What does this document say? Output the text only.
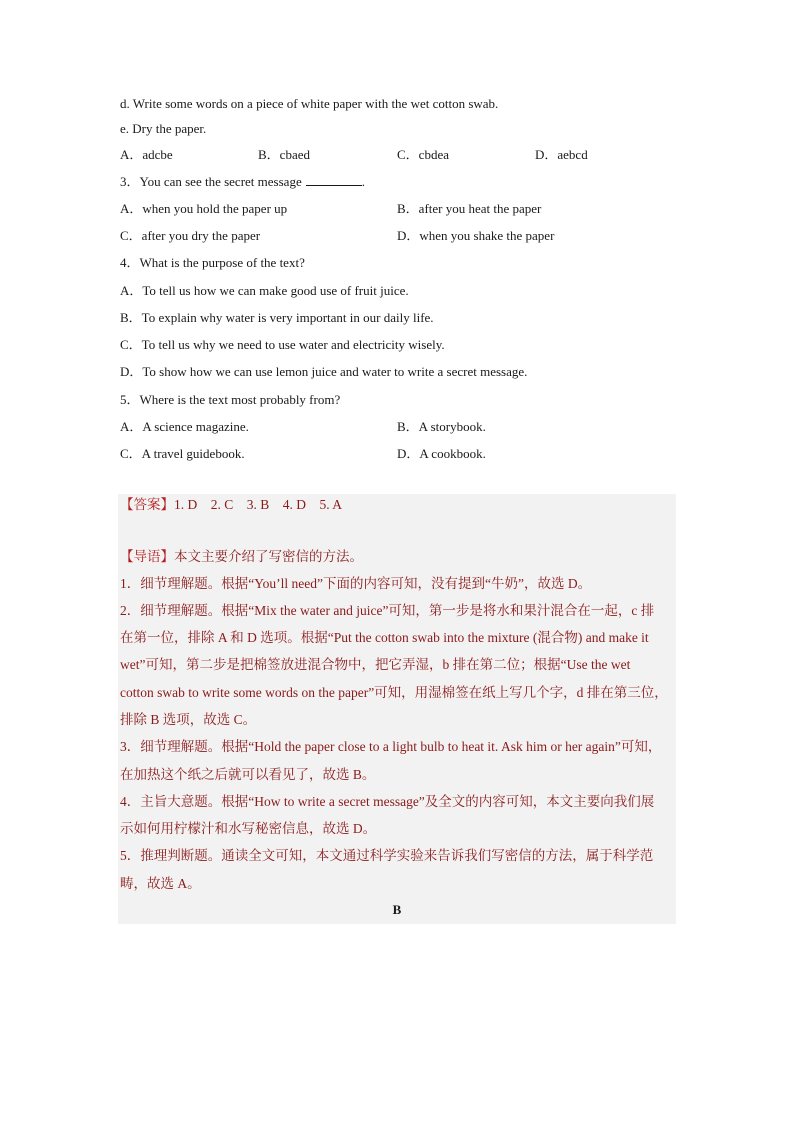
d. Write some words on a piece of white paper with the wet cotton swab.
e. Dry the paper.
A．adcbe	B．cbaed	C．cbdea	D．aebcd
3．You can see the secret message	.
A．when you hold the paper up	B．after you heat the paper
C．after you dry the paper	D．when you shake the paper
4．What is the purpose of the text?
A．To tell us how we can make good use of fruit juice.
B．To explain why water is very important in our daily life.
C．To tell us why we need to use water and electricity wisely.
D．To show how we can use lemon juice and water to write a secret message.
5．Where is the text most probably from?
A．A science magazine.	B．A storybook.
C．A travel guidebook.	D．A cookbook.
【答案】1. D　2. C　3. B　4. D　5. A
【导语】本文主要介绍了写密信的方法。
1．细节理解题。根据“You’ll need”下面的内容可知，没有提到“牛奶”，故选 D。
2．细节理解题。根据“Mix the water and juice”可知，第一步是将水和果汁混合在一起，c 排
在第一位，排除 A 和 D 选项。根据“Put the cotton swab into the mixture (混合物) and make it
wet”可知，第二步是把棉签放进混合物中，把它弄湿，b 排在第二位；根据“Use the wet
cotton swab to write some words on the paper”可知，用湿棉签在纸上写几个字，d 排在第三位，
排除 B 选项，故选 C。
3．细节理解题。根据“Hold the paper close to a light bulb to heat it. Ask him or her again”可知，
在加热这个纸之后就可以看见了，故选 B。
4．主旨大意题。根据“How to write a secret message”及全文的内容可知，本文主要向我们展
示如何用柠檬汁和水写秘密信息，故选 D。
5．推理判断题。通读全文可知，本文通过科学实验来告诉我们写密信的方法，属于科学范
畴，故选 A。
B
